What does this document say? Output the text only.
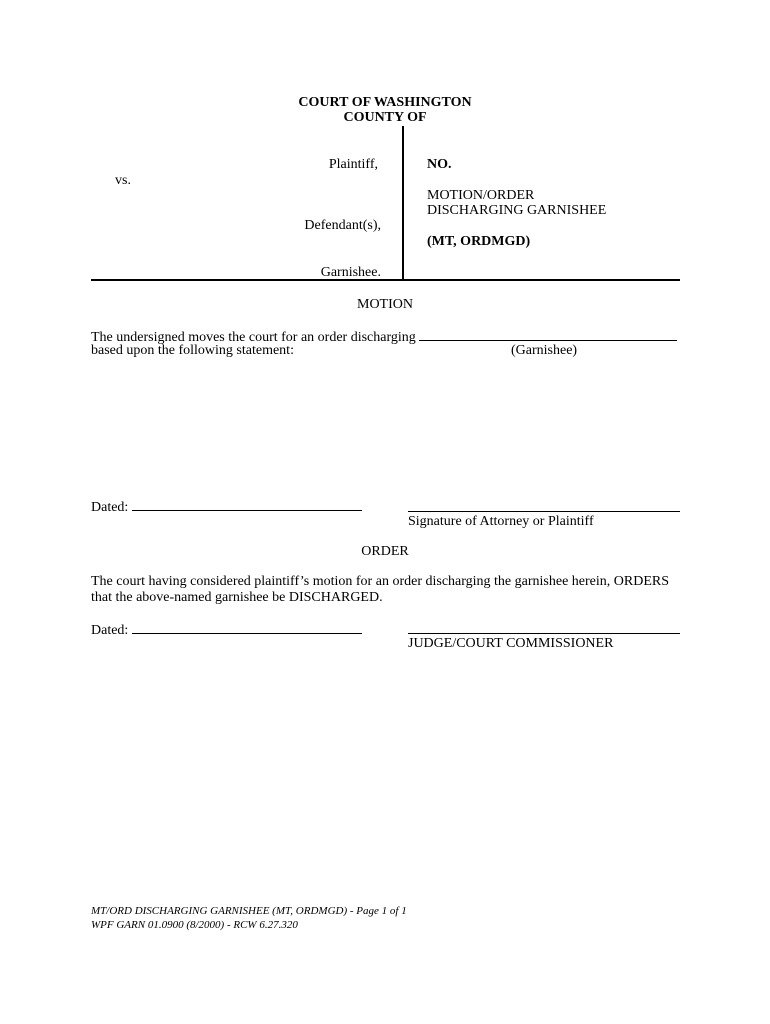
COURT OF WASHINGTON
COUNTY OF
Plaintiff,
vs.
Defendant(s),
Garnishee.
NO.
MOTION/ORDER
DISCHARGING GARNISHEE
(MT, ORDMGD)
MOTION
The undersigned moves the court for an order discharging
based upon the following statement:	(Garnishee)
Dated:
Signature of Attorney or Plaintiff
ORDER
The court having considered plaintiff’s motion for an order discharging the garnishee herein, ORDERS
that the above-named garnishee be DISCHARGED.
Dated:
JUDGE/COURT COMMISSIONER
MT/ORD DISCHARGING GARNISHEE (MT, ORDMGD) - Page 1 of 1
WPF GARN 01.0900 (8/2000) - RCW 6.27.320
